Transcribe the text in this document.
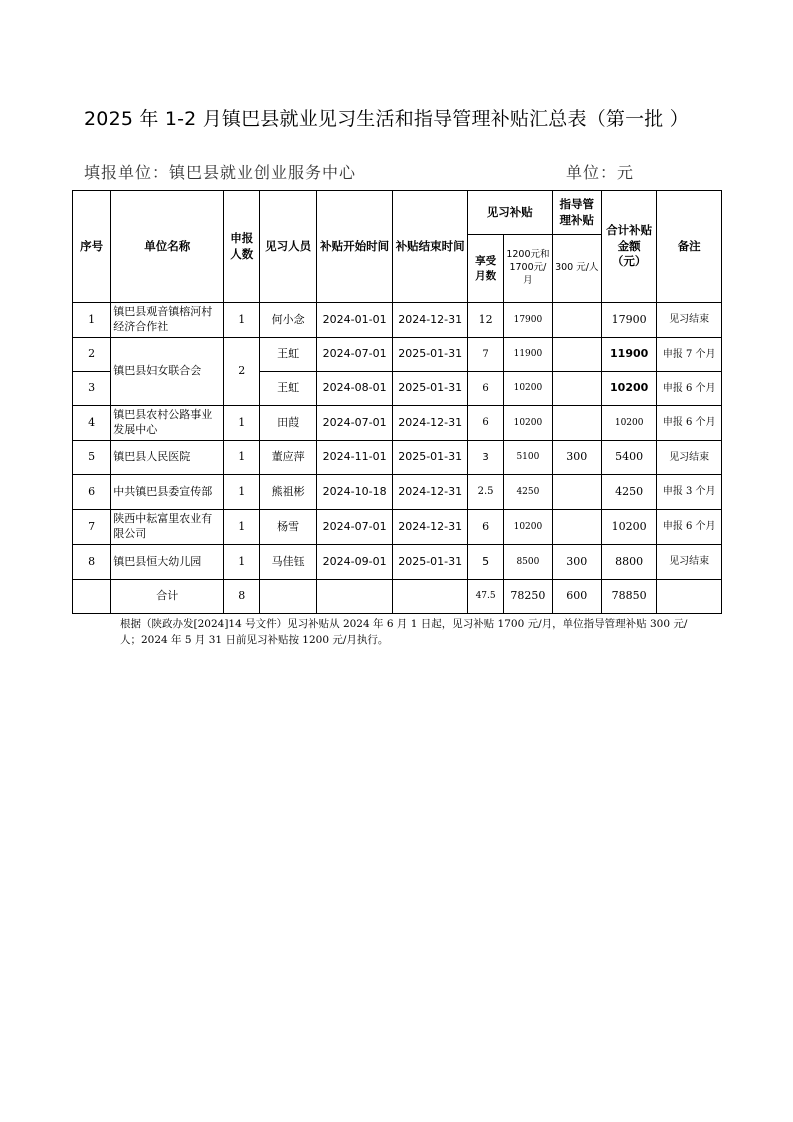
2025 年 1-2 月镇巴县就业见习生活和指导管理补贴汇总表（第一批 ）
填报单位：镇巴县就业创业服务中心	单位：元
序号	单位名称	申报人数	见习人员	补贴开始时间	补贴结束时间	见习补贴		指导管理补贴	合计补贴金额（元）	备注
						享受月数	1200元和1700元/月	300 元/人		
1	镇巴县观音镇榕河村经济合作社	1	何小念	2024-01-01	2024-12-31	12	17900		17900	见习结束
2	镇巴县妇女联合会	2	王虹	2024-07-01	2025-01-31	7	11900		11900	申报 7 个月
3			王虹	2024-08-01	2025-01-31	6	10200		10200	申报 6 个月
4	镇巴县农村公路事业发展中心	1	田葭	2024-07-01	2024-12-31	6	10200		10200	申报 6 个月
5	镇巴县人民医院	1	董应萍	2024-11-01	2025-01-31	3	5100	300	5400	见习结束
6	中共镇巴县委宣传部	1	熊祖彬	2024-10-18	2024-12-31	2.5	4250		4250	申报 3 个月
7	陕西中耘富里农业有限公司	1	杨雪	2024-07-01	2024-12-31	6	10200		10200	申报 6 个月
8	镇巴县恒大幼儿园	1	马佳钰	2024-09-01	2025-01-31	5	8500	300	8800	见习结束
	合计	8				47.5	78250	600	78850	
根据（陕政办发[2024]14 号文件）见习补贴从 2024 年 6 月 1 日起，见习补贴 1700 元/月，单位指导管理补贴 300 元/人；2024 年 5 月 31 日前见习补贴按 1200 元/月执行。
